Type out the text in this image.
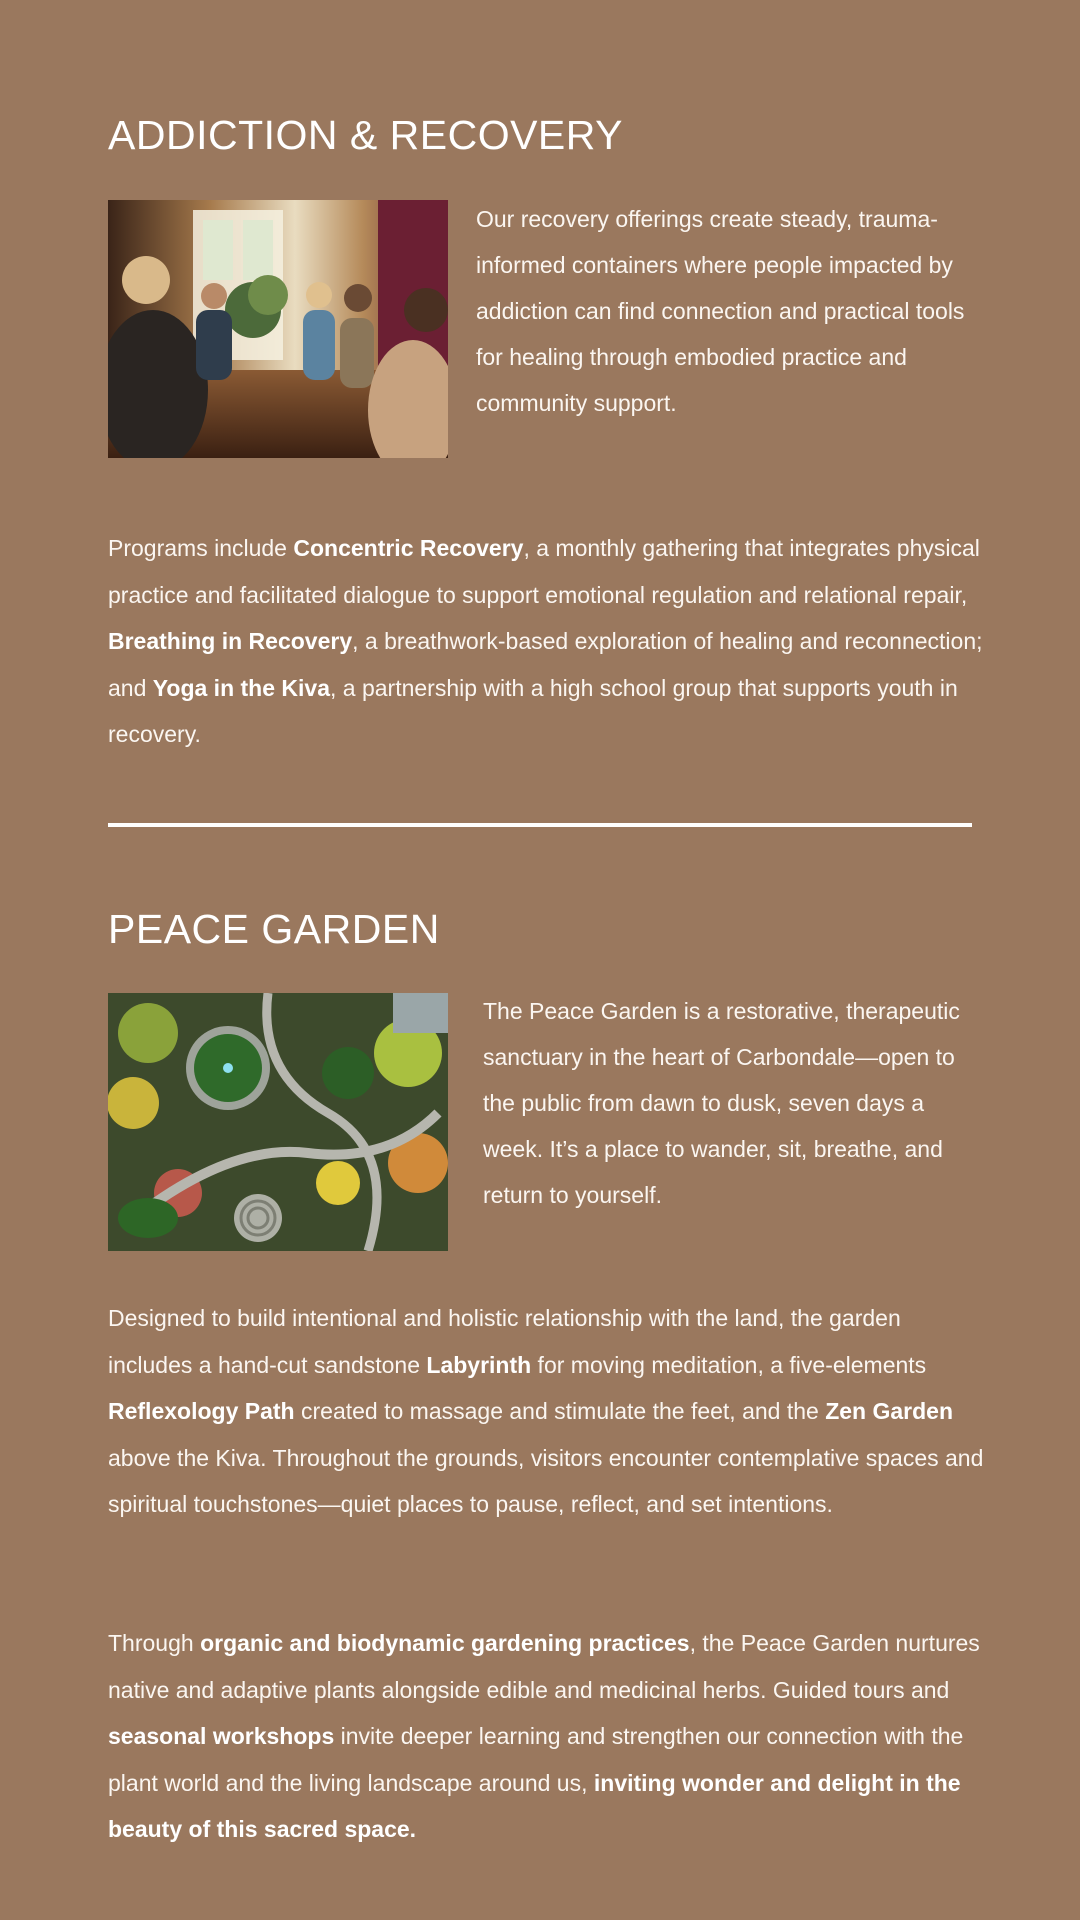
ADDICTION & RECOVERY

Our recovery offerings create steady, trauma-informed containers where people impacted by addiction can find connection and practical tools for healing through embodied practice and community support.

Programs include Concentric Recovery, a monthly gathering that integrates physical practice and facilitated dialogue to support emotional regulation and relational repair, Breathing in Recovery, a breathwork-based exploration of healing and reconnection; and Yoga in the Kiva, a partnership with a high school group that supports youth in recovery.

PEACE GARDEN

The Peace Garden is a restorative, therapeutic sanctuary in the heart of Carbondale—open to the public from dawn to dusk, seven days a week. It’s a place to wander, sit, breathe, and return to yourself.

Designed to build intentional and holistic relationship with the land, the garden includes a hand-cut sandstone Labyrinth for moving meditation, a five-elements Reflexology Path created to massage and stimulate the feet, and the Zen Garden above the Kiva. Throughout the grounds, visitors encounter contemplative spaces and spiritual touchstones—quiet places to pause, reflect, and set intentions.

Through organic and biodynamic gardening practices, the Peace Garden nurtures native and adaptive plants alongside edible and medicinal herbs. Guided tours and seasonal workshops invite deeper learning and strengthen our connection with the plant world and the living landscape around us, inviting wonder and delight in the beauty of this sacred space.
